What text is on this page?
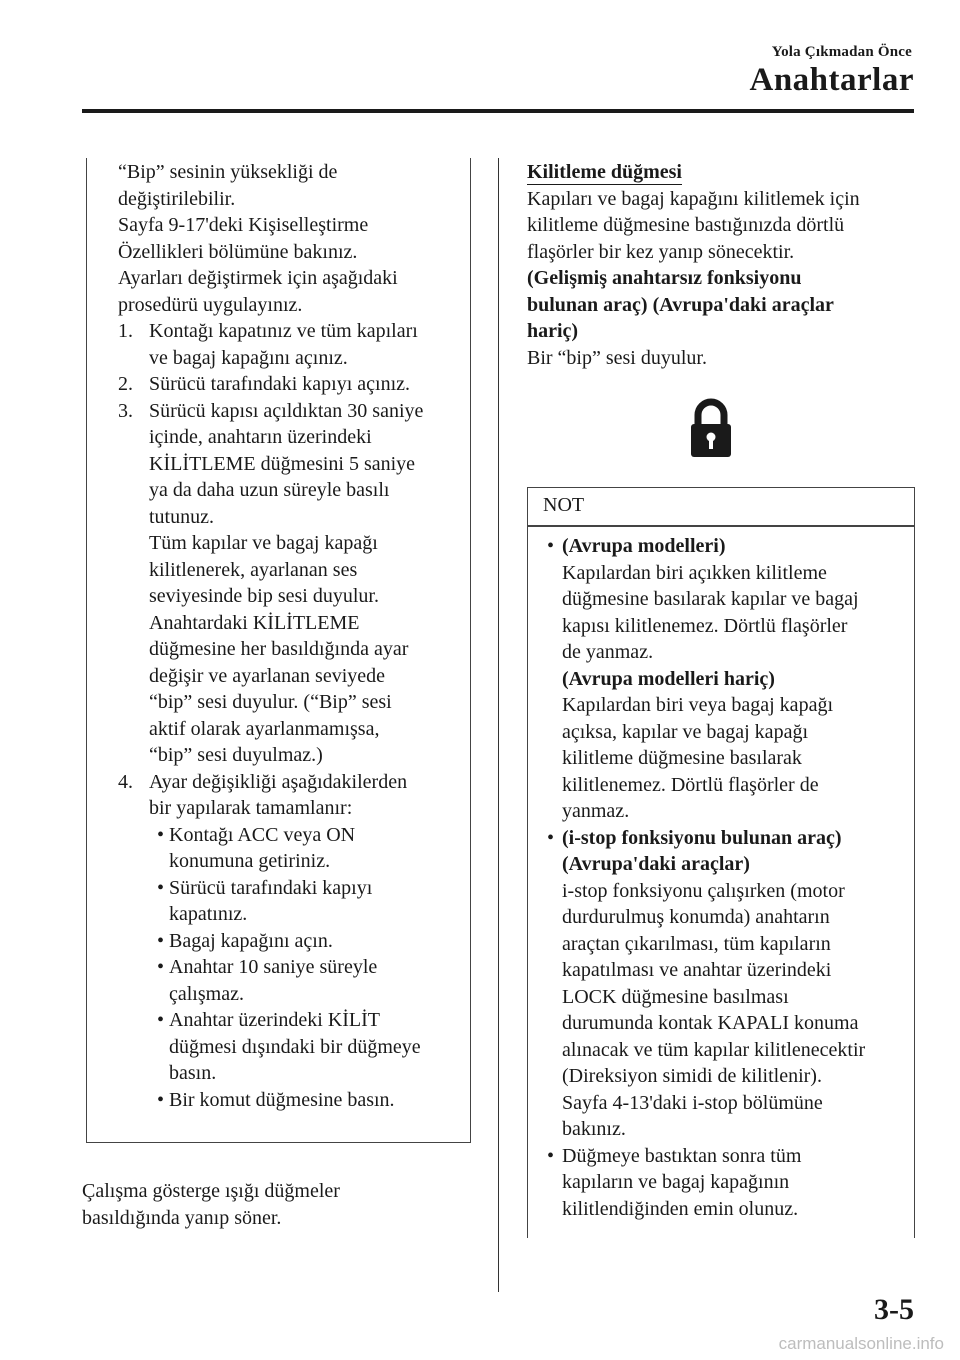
Yola Çıkmadan Önce
Anahtarlar
“Bip” sesinin yüksekliği de
değiştirilebilir.
Sayfa 9-17'deki Kişiselleştirme
Özellikleri bölümüne bakınız.
Ayarları değiştirmek için aşağıdaki
prosedürü uygulayınız.
1. Kontağı kapatınız ve tüm kapıları
ve bagaj kapağını açınız.
2. Sürücü tarafındaki kapıyı açınız.
3. Sürücü kapısı açıldıktan 30 saniye
içinde, anahtarın üzerindeki
KİLİTLEME düğmesini 5 saniye
ya da daha uzun süreyle basılı
tutunuz.
Tüm kapılar ve bagaj kapağı
kilitlenerek, ayarlanan ses
seviyesinde bip sesi duyulur.
Anahtardaki KİLİTLEME
düğmesine her basıldığında ayar
değişir ve ayarlanan seviyede
“bip” sesi duyulur. (“Bip” sesi
aktif olarak ayarlanmamışsa,
“bip” sesi duyulmaz.)
4. Ayar değişikliği aşağıdakilerden
bir yapılarak tamamlanır:
• Kontağı ACC veya ON
konumuna getiriniz.
• Sürücü tarafındaki kapıyı
kapatınız.
• Bagaj kapağını açın.
• Anahtar 10 saniye süreyle
çalışmaz.
• Anahtar üzerindeki KİLİT
düğmesi dışındaki bir düğmeye
basın.
• Bir komut düğmesine basın.
Çalışma gösterge ışığı düğmeler
basıldığında yanıp söner.
Kilitleme düğmesi
Kapıları ve bagaj kapağını kilitlemek için
kilitleme düğmesine bastığınızda dörtlü
flaşörler bir kez yanıp sönecektir.
(Gelişmiş anahtarsız fonksiyonu
bulunan araç) (Avrupa'daki araçlar
hariç)
Bir “bip” sesi duyulur.
NOT
• (Avrupa modelleri)
Kapılardan biri açıkken kilitleme
düğmesine basılarak kapılar ve bagaj
kapısı kilitlenemez. Dörtlü flaşörler
de yanmaz.
(Avrupa modelleri hariç)
Kapılardan biri veya bagaj kapağı
açıksa, kapılar ve bagaj kapağı
kilitleme düğmesine basılarak
kilitlenemez. Dörtlü flaşörler de
yanmaz.
• (i-stop fonksiyonu bulunan araç)
(Avrupa'daki araçlar)
i-stop fonksiyonu çalışırken (motor
durdurulmuş konumda) anahtarın
araçtan çıkarılması, tüm kapıların
kapatılması ve anahtar üzerindeki
LOCK düğmesine basılması
durumunda kontak KAPALI konuma
alınacak ve tüm kapılar kilitlenecektir
(Direksiyon simidi de kilitlenir).
Sayfa 4-13'daki i-stop bölümüne
bakınız.
• Düğmeye bastıktan sonra tüm
kapıların ve bagaj kapağının
kilitlendiğinden emin olunuz.
3-5
carmanualsonline.info
